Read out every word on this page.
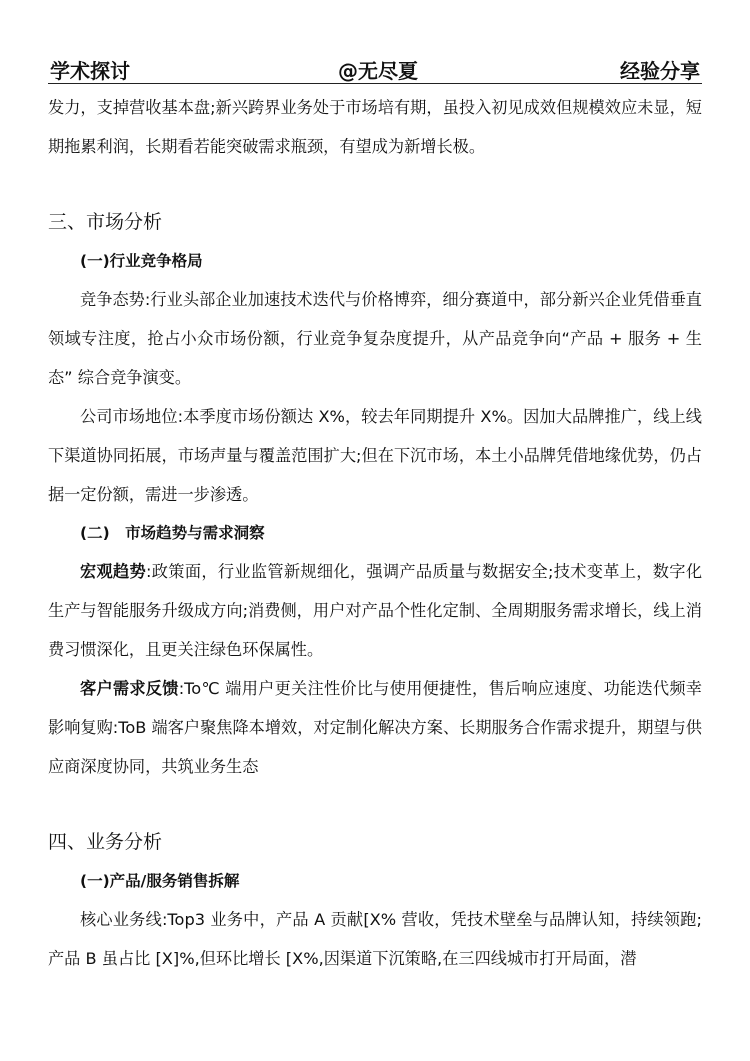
学术探讨	@无尽夏	经验分享

发力，支掉营收基本盘;新兴跨界业务处于市场培有期，虽投入初见成效但规模效应未显，短期拖累利润，长期看若能突破需求瓶颈，有望成为新增长极。

三、市场分析
(一)行业竞争格局

竞争态势:行业头部企业加速技术迭代与价格博弈，细分赛道中，部分新兴企业凭借垂直领域专注度，抢占小众市场份额，行业竞争复杂度提升，从产品竞争向“产品 + 服务 + 生态” 综合竞争演变。

公司市场地位:本季度市场份额达 X%，较去年同期提升 X%。因加大品牌推广，线上线下渠道协同拓展，市场声量与覆盖范围扩大;但在下沉市场，本土小品牌凭借地缘优势，仍占据一定份额，需进一步渗透。

(二)　市场趋势与需求洞察

宏观趋势:政策面，行业监管新规细化，强调产品质量与数据安全;技术变革上，数字化生产与智能服务升级成方向;消费侧，用户对产品个性化定制、全周期服务需求增长，线上消费习惯深化，且更关注绿色环保属性。

客户需求反馈:To℃ 端用户更关注性价比与使用便捷性，售后响应速度、功能迭代频幸影响复购:ToB 端客户聚焦降本增效，对定制化解决方案、长期服务合作需求提升，期望与供应商深度协同，共筑业务生态

四、业务分析
(一)产品/服务销售拆解

核心业务线:Top3 业务中，产品 A 贡献[X% 营收，凭技术壁垒与品牌认知，持续领跑;产品 B 虽占比 [X]%,但环比增长 [X%,因渠道下沉策略,在三四线城市打开局面，潜
